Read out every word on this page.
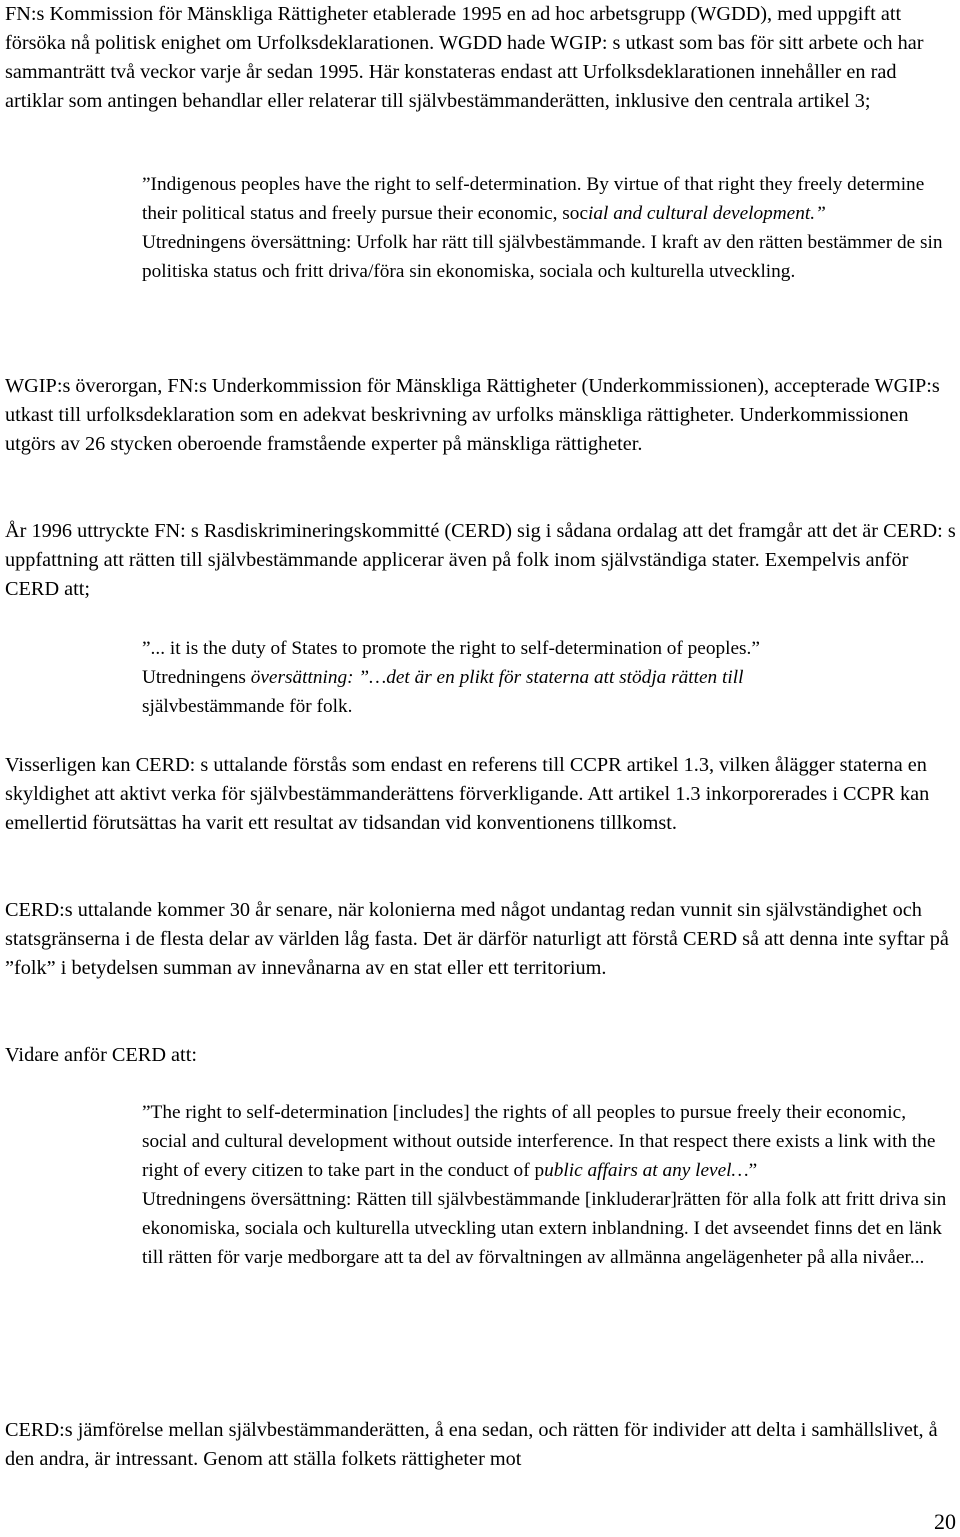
FN:s Kommission för Mänskliga Rättigheter etablerade 1995 en ad hoc arbetsgrupp (WGDD), med uppgift att försöka nå politisk enighet om Urfolksdeklarationen. WGDD hade WGIP: s utkast som bas för sitt arbete och har sammanträtt två veckor varje år sedan 1995. Här konstateras endast att Urfolksdeklarationen innehåller en rad artiklar som antingen behandlar eller relaterar till självbestämmanderätten, inklusive den centrala artikel 3;

”Indigenous peoples have the right to self-determination. By virtue of that right they freely determine their political status and freely pursue their economic, social and cultural development.”

Utredningens översättning: Urfolk har rätt till självbestämmande. I kraft av den rätten bestämmer de sin politiska status och fritt driva/föra sin ekonomiska, sociala och kulturella utveckling.

WGIP:s överorgan, FN:s Underkommission för Mänskliga Rättigheter (Underkommissionen), accepterade WGIP:s utkast till urfolksdeklaration som en adekvat beskrivning av urfolks mänskliga rättigheter. Underkommissionen utgörs av 26 stycken oberoende framstående experter på mänskliga rättigheter.

År 1996 uttryckte FN: s Rasdiskrimineringskommitté (CERD) sig i sådana ordalag att det framgår att det är CERD: s uppfattning att rätten till självbestämmande applicerar även på folk inom självständiga stater. Exempelvis anför CERD att;

”... it is the duty of States to promote the right to self-determination of peoples.”

Utredningens översättning: ”…det är en plikt för staterna att stödja rätten till

självbestämmande för folk.

Visserligen kan CERD: s uttalande förstås som endast en referens till CCPR artikel 1.3, vilken ålägger staterna en skyldighet att aktivt verka för självbestämmanderättens förverkligande. Att artikel 1.3 inkorporerades i CCPR kan emellertid förutsättas ha varit ett resultat av tidsandan vid konventionens tillkomst.

CERD:s uttalande kommer 30 år senare, när kolonierna med något undantag redan vunnit sin självständighet och statsgränserna i de flesta delar av världen låg fasta. Det är därför naturligt att förstå CERD så att denna inte syftar på ”folk” i betydelsen summan av innevånarna av en stat eller ett territorium.

Vidare anför CERD att:

”The right to self-determination [includes] the rights of all peoples to pursue freely their economic, social and cultural development without outside interference. In that respect there exists a link with the right of every citizen to take part in the conduct of public affairs at any level…”

Utredningens översättning: Rätten till självbestämmande [inkluderar]rätten för alla folk att fritt driva sin ekonomiska, sociala och kulturella utveckling utan extern inblandning. I det avseendet finns det en länk till rätten för varje medborgare att ta del av förvaltningen av allmänna angelägenheter på alla nivåer...

CERD:s jämförelse mellan självbestämmanderätten, å ena sedan, och rätten för individer att delta i samhällslivet, å den andra, är intressant. Genom att ställa folkets rättigheter mot

20
